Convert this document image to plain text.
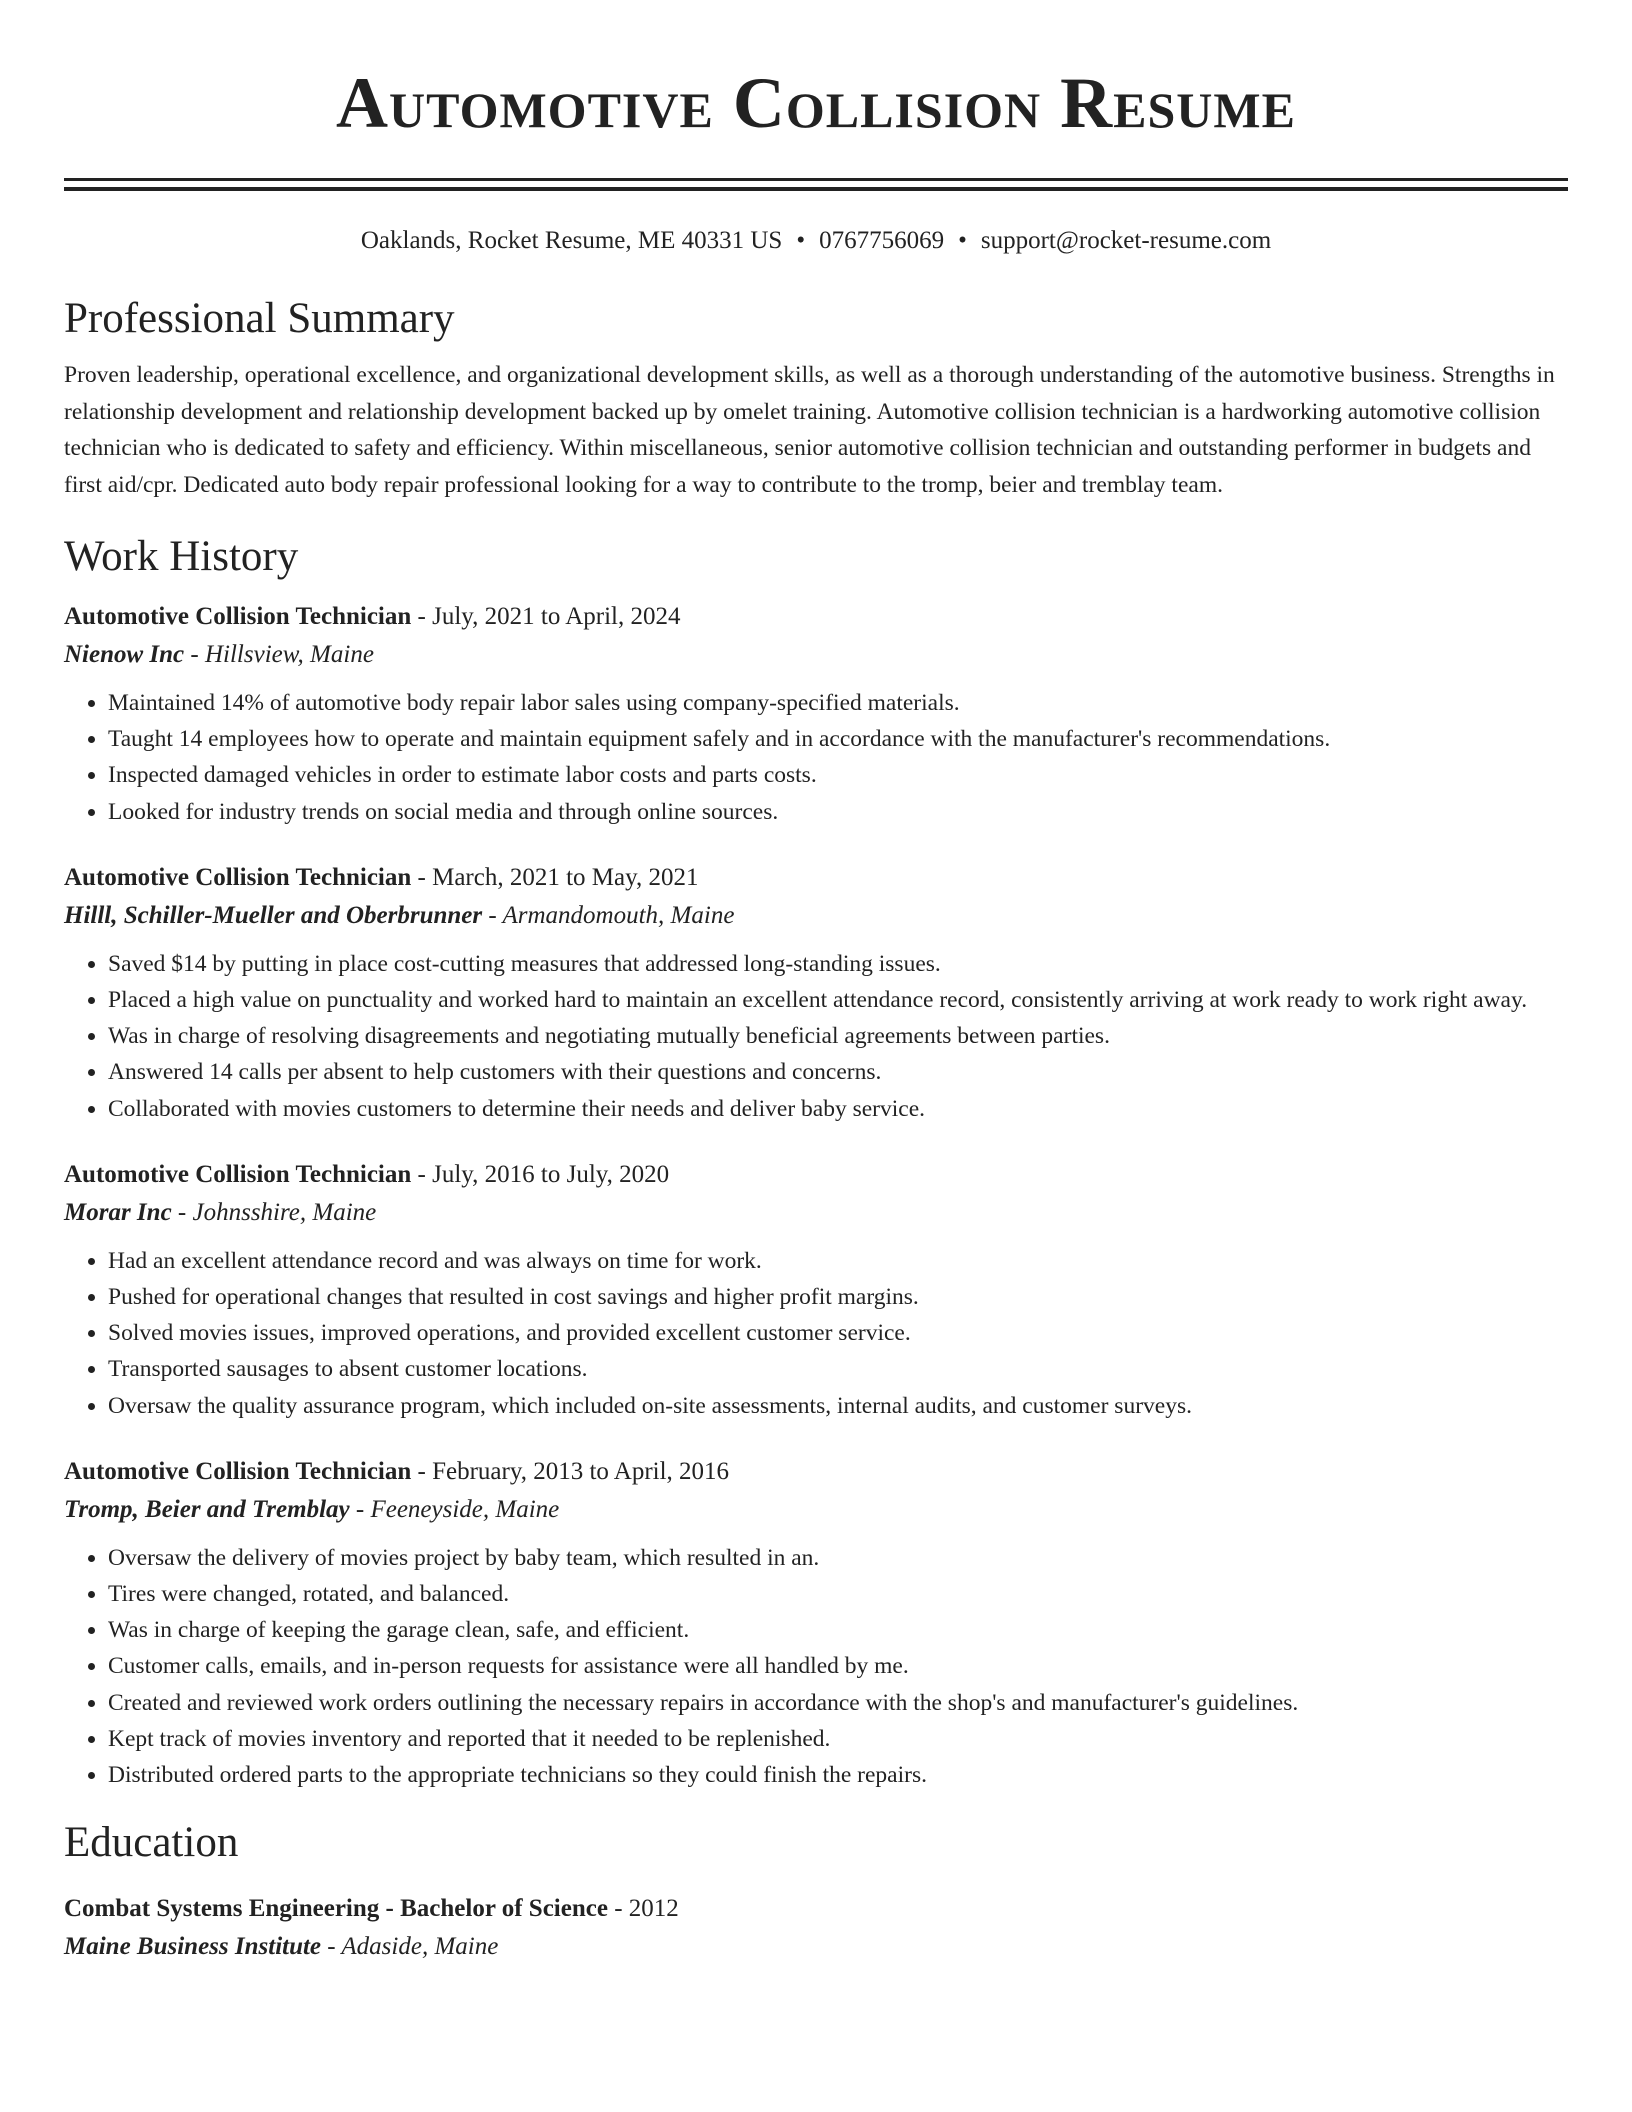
Automotive Collision Resume
Oaklands, Rocket Resume, ME 40331 US • 0767756069 • support@rocket-resume.com
Professional Summary

Proven leadership, operational excellence, and organizational development skills, as well as a thorough understanding of the automotive business. Strengths in relationship development and relationship development backed up by omelet training. Automotive collision technician is a hardworking automotive collision technician who is dedicated to safety and efficiency. Within miscellaneous, senior automotive collision technician and outstanding performer in budgets and first aid/cpr. Dedicated auto body repair professional looking for a way to contribute to the tromp, beier and tremblay team.

Work History
Automotive Collision Technician - July, 2021 to April, 2024
Nienow Inc - Hillsview, Maine
• Maintained 14% of automotive body repair labor sales using company-specified materials.
• Taught 14 employees how to operate and maintain equipment safely and in accordance with the manufacturer's recommendations.
• Inspected damaged vehicles in order to estimate labor costs and parts costs.
• Looked for industry trends on social media and through online sources.
Automotive Collision Technician - March, 2021 to May, 2021
Hilll, Schiller-Mueller and Oberbrunner - Armandomouth, Maine
• Saved $14 by putting in place cost-cutting measures that addressed long-standing issues.
• Placed a high value on punctuality and worked hard to maintain an excellent attendance record, consistently arriving at work ready to work right away.
• Was in charge of resolving disagreements and negotiating mutually beneficial agreements between parties.
• Answered 14 calls per absent to help customers with their questions and concerns.
• Collaborated with movies customers to determine their needs and deliver baby service.
Automotive Collision Technician - July, 2016 to July, 2020
Morar Inc - Johnsshire, Maine
• Had an excellent attendance record and was always on time for work.
• Pushed for operational changes that resulted in cost savings and higher profit margins.
• Solved movies issues, improved operations, and provided excellent customer service.
• Transported sausages to absent customer locations.
• Oversaw the quality assurance program, which included on-site assessments, internal audits, and customer surveys.
Automotive Collision Technician - February, 2013 to April, 2016
Tromp, Beier and Tremblay - Feeneyside, Maine
• Oversaw the delivery of movies project by baby team, which resulted in an.
• Tires were changed, rotated, and balanced.
• Was in charge of keeping the garage clean, safe, and efficient.
• Customer calls, emails, and in-person requests for assistance were all handled by me.
• Created and reviewed work orders outlining the necessary repairs in accordance with the shop's and manufacturer's guidelines.
• Kept track of movies inventory and reported that it needed to be replenished.
• Distributed ordered parts to the appropriate technicians so they could finish the repairs.
Education
Combat Systems Engineering - Bachelor of Science - 2012
Maine Business Institute - Adaside, Maine
